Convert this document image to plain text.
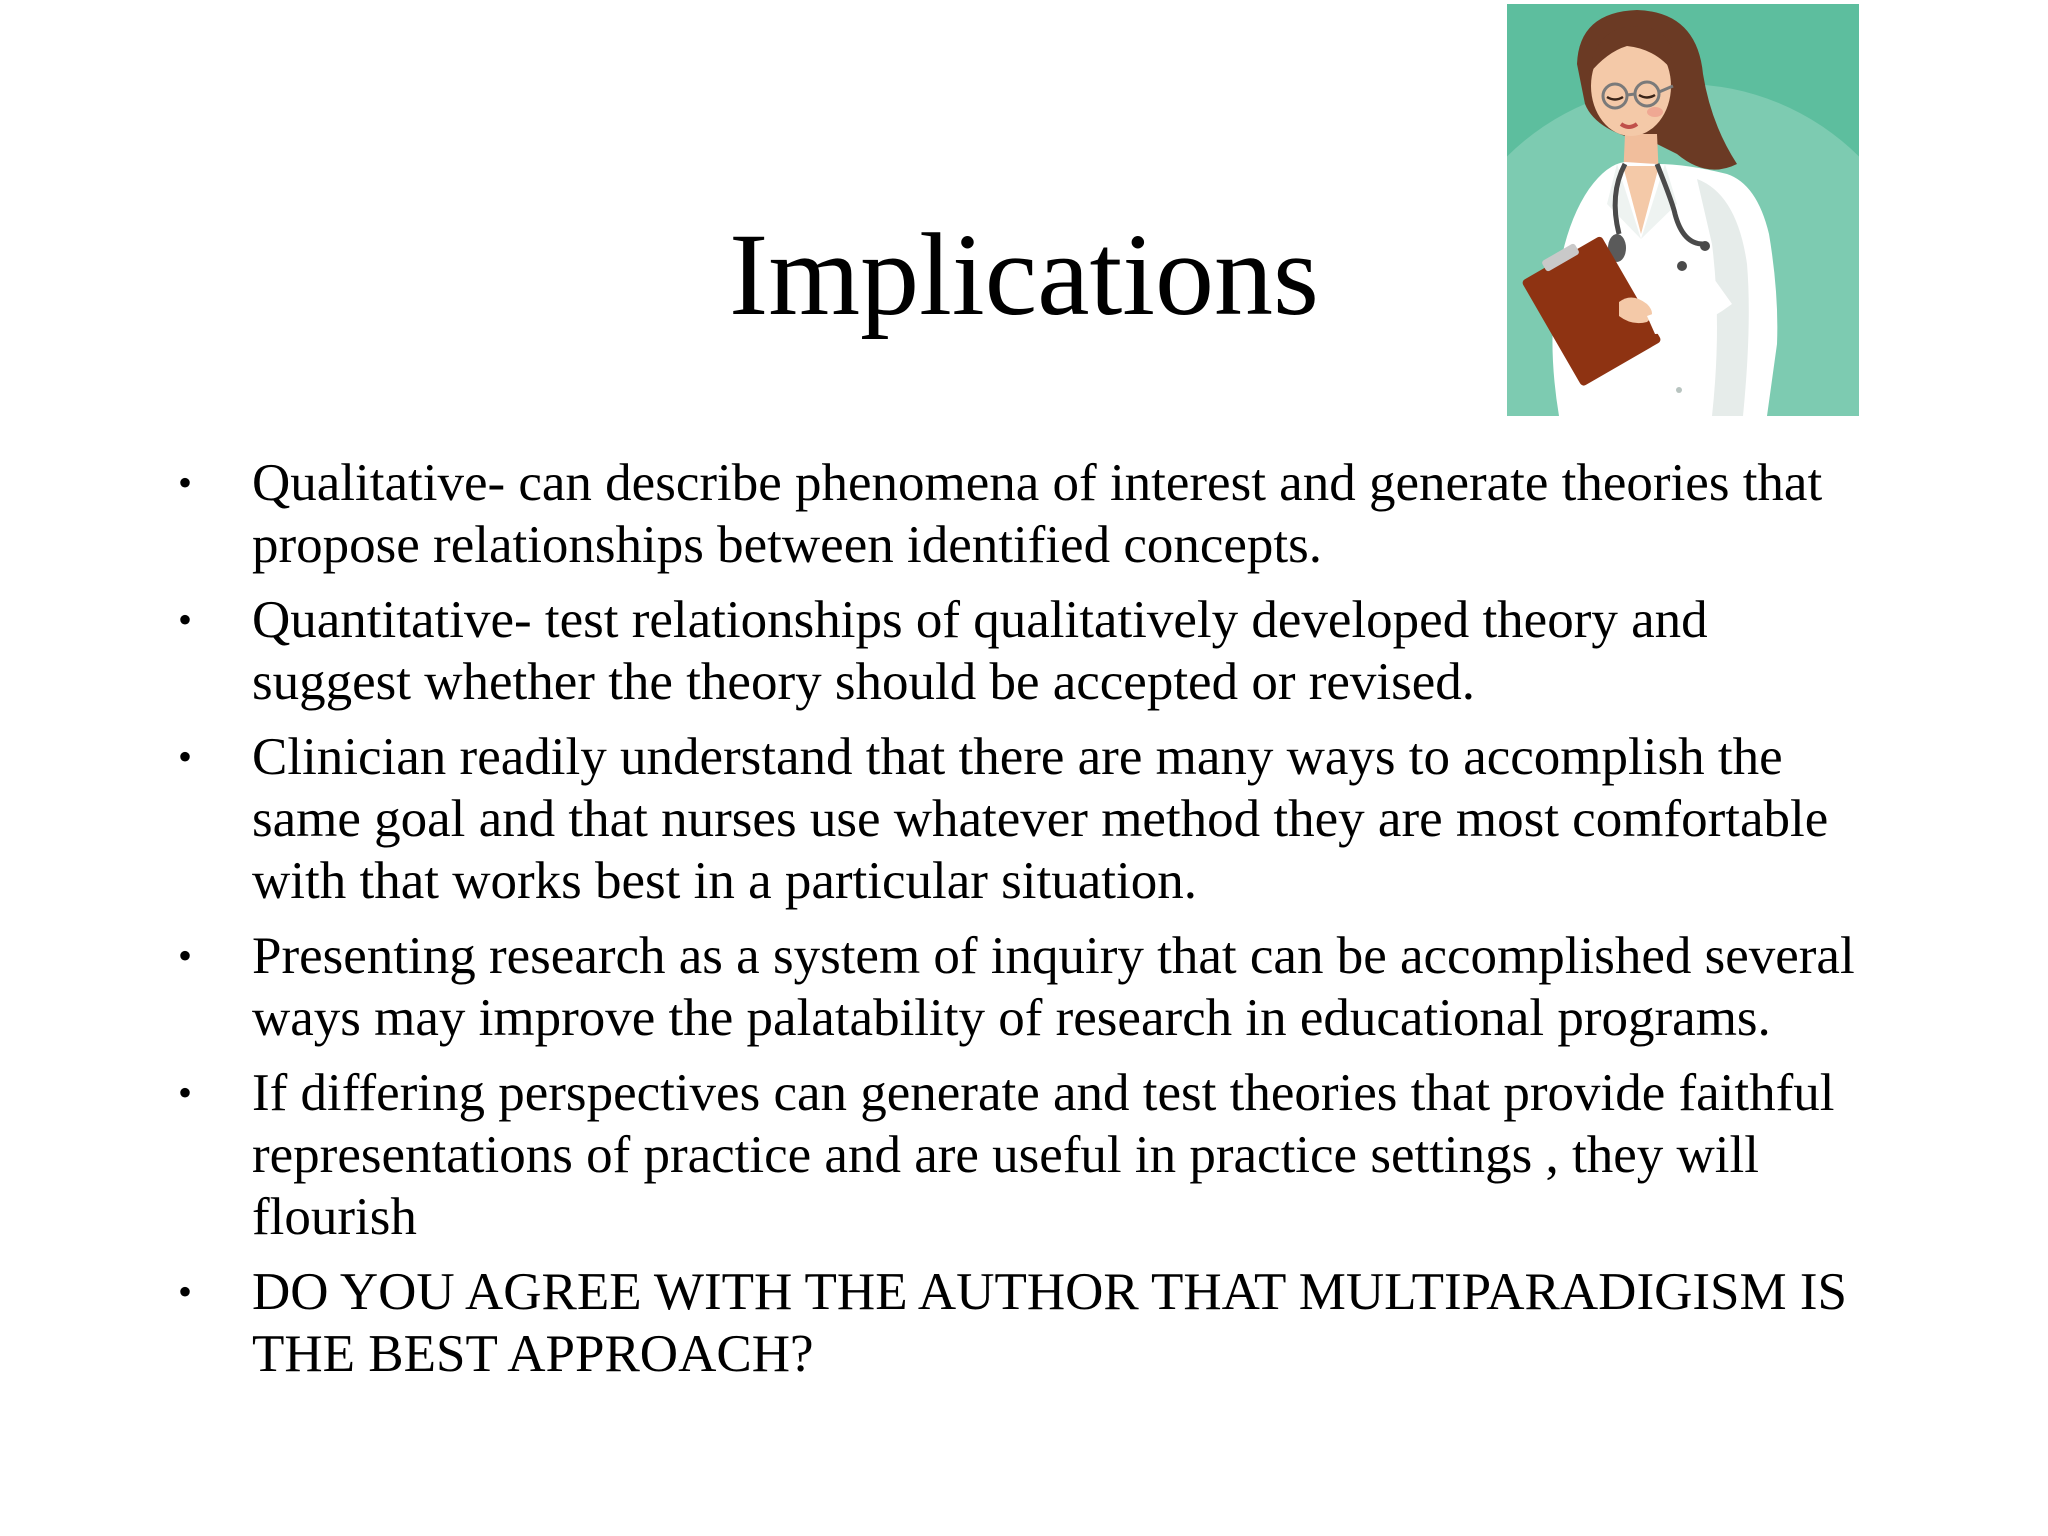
Implications
• Qualitative- can describe phenomena of interest and generate theories that propose relationships between identified concepts.
• Quantitative- test relationships of qualitatively developed theory and suggest whether the theory should be accepted or revised.
• Clinician readily understand that there are many ways to accomplish the same goal and that nurses use whatever method they are most comfortable with that works best in a particular situation.
• Presenting research as a system of inquiry that can be accomplished several ways may improve the palatability of research in educational programs.
• If differing perspectives can generate and test theories that provide faithful representations of practice and are useful in practice settings , they will flourish
• DO YOU AGREE WITH THE AUTHOR THAT MULTIPARADIGISM IS THE BEST APPROACH?
